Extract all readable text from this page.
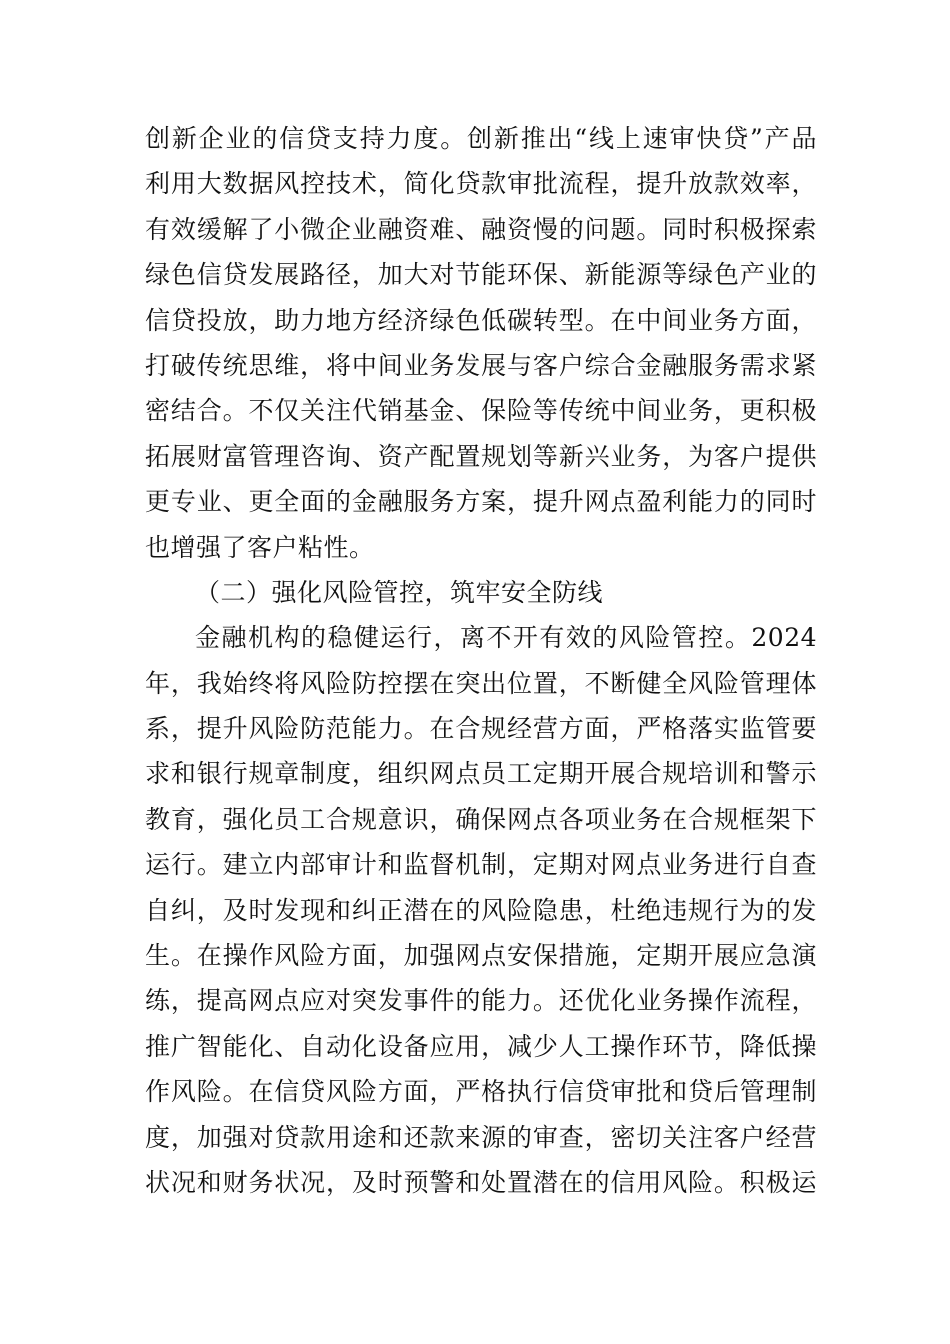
创新企业的信贷支持力度。创新推出“线上速审快贷”产品
利用大数据风控技术，简化贷款审批流程，提升放款效率，
有效缓解了小微企业融资难、融资慢的问题。同时积极探索
绿色信贷发展路径，加大对节能环保、新能源等绿色产业的
信贷投放，助力地方经济绿色低碳转型。在中间业务方面，
打破传统思维，将中间业务发展与客户综合金融服务需求紧
密结合。不仅关注代销基金、保险等传统中间业务，更积极
拓展财富管理咨询、资产配置规划等新兴业务，为客户提供
更专业、更全面的金融服务方案，提升网点盈利能力的同时
也增强了客户粘性。
（二）强化风险管控，筑牢安全防线
金融机构的稳健运行，离不开有效的风险管控。2024
年，我始终将风险防控摆在突出位置，不断健全风险管理体
系，提升风险防范能力。在合规经营方面，严格落实监管要
求和银行规章制度，组织网点员工定期开展合规培训和警示
教育，强化员工合规意识，确保网点各项业务在合规框架下
运行。建立内部审计和监督机制，定期对网点业务进行自查
自纠，及时发现和纠正潜在的风险隐患，杜绝违规行为的发
生。在操作风险方面，加强网点安保措施，定期开展应急演
练，提高网点应对突发事件的能力。还优化业务操作流程，
推广智能化、自动化设备应用，减少人工操作环节，降低操
作风险。在信贷风险方面，严格执行信贷审批和贷后管理制
度，加强对贷款用途和还款来源的审查，密切关注客户经营
状况和财务状况，及时预警和处置潜在的信用风险。积极运
